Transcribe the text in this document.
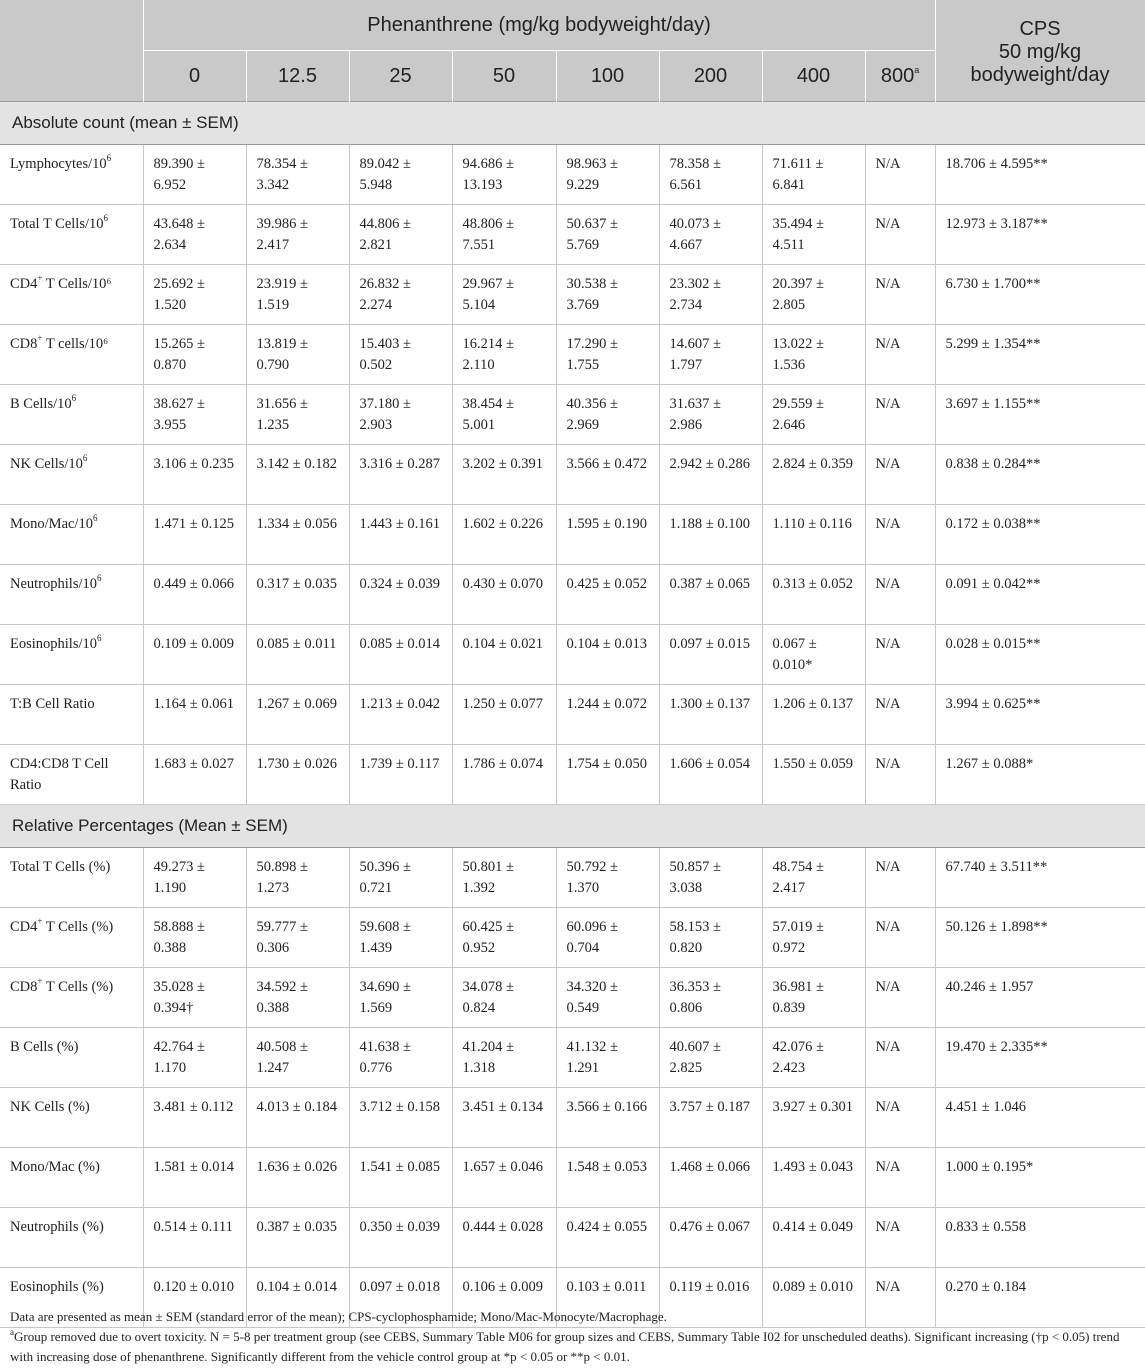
	Phenanthrene (mg/kg bodyweight/day)								CPS
50 mg/kg
bodyweight/day
	0	12.5	25	50	100	200	400	800$^a$
Absolute count (mean ± SEM)									
Lymphocytes/$10^6$	89.390 ± 6.952	78.354 ± 3.342	89.042 ± 5.948	94.686 ± 13.193	98.963 ± 9.229	78.358 ± 6.561	71.611 ± 6.841	N/A	18.706 ± 4.595**
Total T Cells/$10^6$	43.648 ± 2.634	39.986 ± 2.417	44.806 ± 2.821	48.806 ± 7.551	50.637 ± 5.769	40.073 ± 4.667	35.494 ± 4.511	N/A	12.973 ± 3.187**
CD4+ T Cells/10⁶	25.692 ± 1.520	23.919 ± 1.519	26.832 ± 2.274	29.967 ± 5.104	30.538 ± 3.769	23.302 ± 2.734	20.397 ± 2.805	N/A	6.730 ± 1.700**
CD8+ T cells/10⁶	15.265 ± 0.870	13.819 ± 0.790	15.403 ± 0.502	16.214 ± 2.110	17.290 ± 1.755	14.607 ± 1.797	13.022 ± 1.536	N/A	5.299 ± 1.354**
B Cells/$10^6$	38.627 ± 3.955	31.656 ± 1.235	37.180 ± 2.903	38.454 ± 5.001	40.356 ± 2.969	31.637 ± 2.986	29.559 ± 2.646	N/A	3.697 ± 1.155**
NK Cells/$10^6$	3.106 ± 0.235	3.142 ± 0.182	3.316 ± 0.287	3.202 ± 0.391	3.566 ± 0.472	2.942 ± 0.286	2.824 ± 0.359	N/A	0.838 ± 0.284**
Mono/$Mac/10^6$	1.471 ± 0.125	1.334 ± 0.056	1.443 ± 0.161	1.602 ± 0.226	1.595 ± 0.190	1.188 ± 0.100	1.110 ± 0.116	N/A	0.172 ± 0.038**
Neutrophils/$10^6$	0.449 ± 0.066	0.317 ± 0.035	0.324 ± 0.039	0.430 ± 0.070	0.425 ± 0.052	0.387 ± 0.065	0.313 ± 0.052	N/A	0.091 ± 0.042**
Eosinophils/$10^6$	0.109 ± 0.009	0.085 ± 0.011	0.085 ± 0.014	0.104 ± 0.021	0.104 ± 0.013	0.097 ± 0.015	0.067 ± 0.010*	N/A	0.028 ± 0.015**
T:B Cell Ratio	1.164 ± 0.061	1.267 ± 0.069	1.213 ± 0.042	1.250 ± 0.077	1.244 ± 0.072	1.300 ± 0.137	1.206 ± 0.137	N/A	3.994 ± 0.625**
CD4:CD8 T Cell Ratio	1.683 ± 0.027	1.730 ± 0.026	1.739 ± 0.117	1.786 ± 0.074	1.754 ± 0.050	1.606 ± 0.054	1.550 ± 0.059	N/A	1.267 ± 0.088*
Relative Percentages (Mean ± SEM)									
Total T Cells (%)	49.273 ± 1.190	50.898 ± 1.273	50.396 ± 0.721	50.801 ± 1.392	50.792 ± 1.370	50.857 ± 3.038	48.754 ± 2.417	N/A	67.740 ± 3.511**
CD4+ T Cells (%)	58.888 ± 0.388	59.777 ± 0.306	59.608 ± 1.439	60.425 ± 0.952	60.096 ± 0.704	58.153 ± 0.820	57.019 ± 0.972	N/A	50.126 ± 1.898**
CD8+ T Cells (%)	35.028 ± 0.394†	34.592 ± 0.388	34.690 ± 1.569	34.078 ± 0.824	34.320 ± 0.549	36.353 ± 0.806	36.981 ± 0.839	N/A	40.246 ± 1.957
B Cells (%)	42.764 ± 1.170	40.508 ± 1.247	41.638 ± 0.776	41.204 ± 1.318	41.132 ± 1.291	40.607 ± 2.825	42.076 ± 2.423	N/A	19.470 ± 2.335**
NK Cells (%)	3.481 ± 0.112	4.013 ± 0.184	3.712 ± 0.158	3.451 ± 0.134	3.566 ± 0.166	3.757 ± 0.187	3.927 ± 0.301	N/A	4.451 ± 1.046
Mono/Mac (%)	1.581 ± 0.014	1.636 ± 0.026	1.541 ± 0.085	1.657 ± 0.046	1.548 ± 0.053	1.468 ± 0.066	1.493 ± 0.043	N/A	1.000 ± 0.195*
Neutrophils (%)	0.514 ± 0.111	0.387 ± 0.035	0.350 ± 0.039	0.444 ± 0.028	0.424 ± 0.055	0.476 ± 0.067	0.414 ± 0.049	N/A	0.833 ± 0.558
Eosinophils (%)	0.120 ± 0.010	0.104 ± 0.014	0.097 ± 0.018	0.106 ± 0.009	0.103 ± 0.011	0.119 ± 0.016	0.089 ± 0.010	N/A	0.270 ± 0.184

Data are presented as mean ± SEM (standard error of the mean); CPS-cyclophosphamide; Mono/Mac-Monocyte/Macrophage.

$^a$Group removed due to overt toxicity. N = 5-8 per treatment group (see CEBS, Summary Table M06 for group sizes and CEBS, Summary Table I02 for unscheduled deaths). Significant increasing (†p < 0.05) trend with increasing dose of phenanthrene. Significantly different from the vehicle control group at *p < 0.05 or **p < 0.01.
